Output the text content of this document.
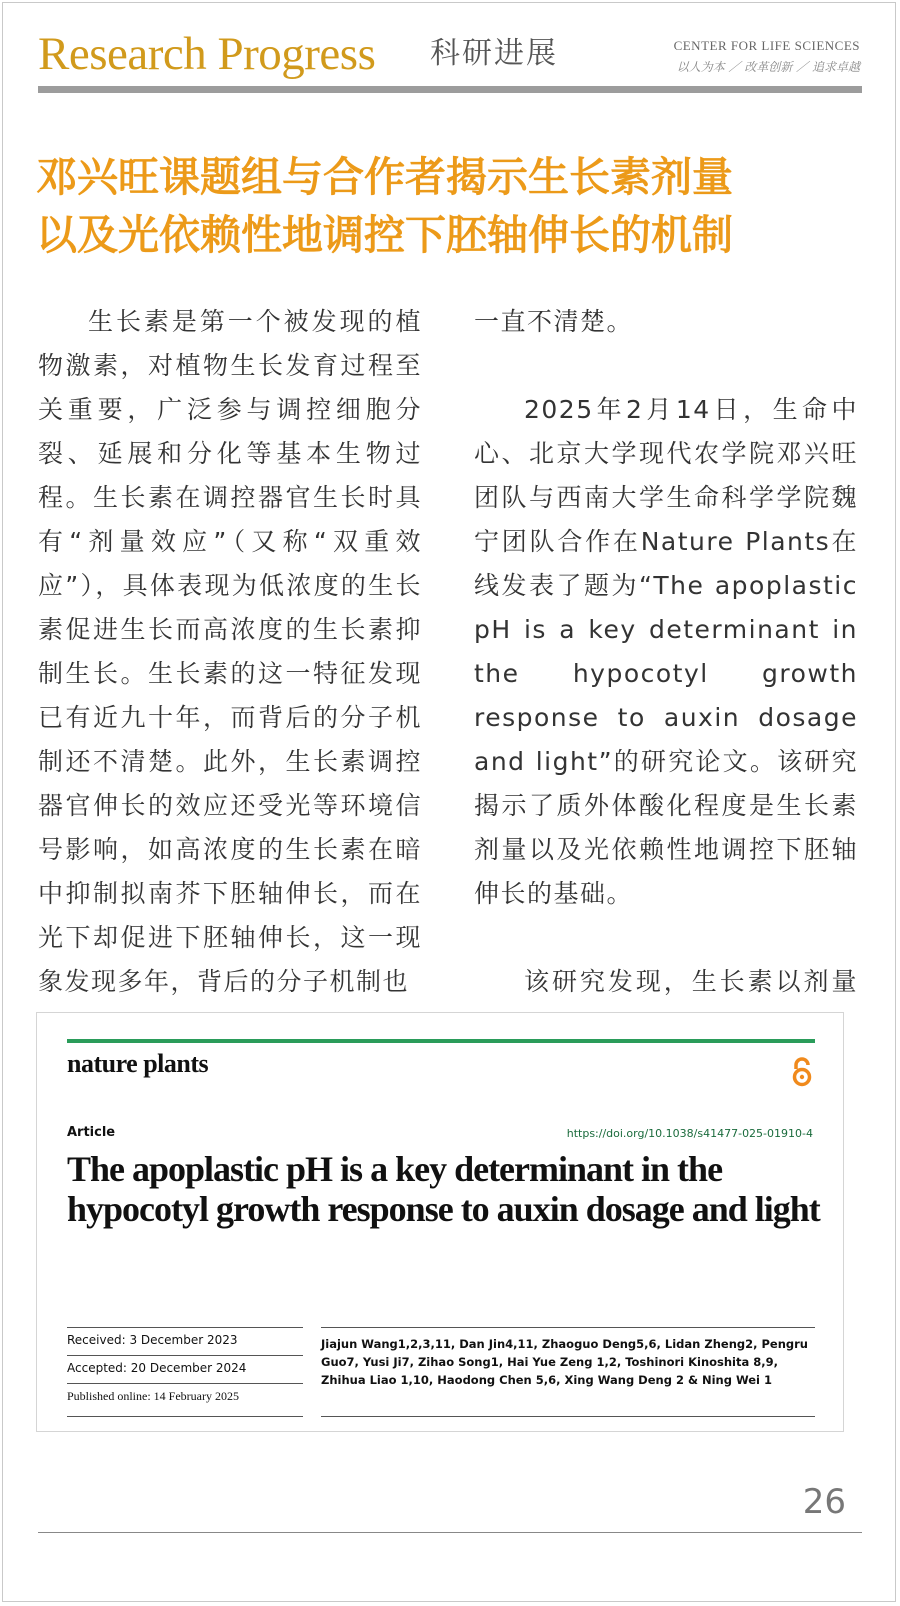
Research Progress 科研进展	CENTER FOR LIFE SCIENCES
以人为本 ／ 改革创新 ／ 追求卓越
邓兴旺课题组与合作者揭示生长素剂量
以及光依赖性地调控下胚轴伸长的机制

生长素是第一个被发现的植物激素，对植物生长发育过程至关重要，广泛参与调控细胞分裂、延展和分化等基本生物过程。生长素在调控器官生长时具有“剂量效应”（又称“双重效应”），具体表现为低浓度的生长素促进生长而高浓度的生长素抑制生长。生长素的这一特征发现已有近九十年，而背后的分子机制还不清楚。此外，生长素调控器官伸长的效应还受光等环境信号影响，如高浓度的生长素在暗中抑制拟南芥下胚轴伸长，而在光下却促进下胚轴伸长，这一现象发现多年，背后的分子机制也

一直不清楚。

2025年2月14日，生命中心、北京大学现代农学院邓兴旺团队与西南大学生命科学学院魏宁团队合作在Nature Plants在线发表了题为“The apoplastic pH is a key determinant in the hypocotyl growth response to auxin dosage and light”的研究论文。该研究揭示了质外体酸化程度是生长素剂量以及光依赖性地调控下胚轴伸长的基础。

该研究发现，生长素以剂量

nature plants
Article	https://doi.org/10.1038/s41477-025-01910-4
The apoplastic pH is a key determinant in the hypocotyl growth response to auxin dosage and light
Received: 3 December 2023
Accepted: 20 December 2024
Published online: 14 February 2025
Jiajun Wang1,2,3,11, Dan Jin4,11, Zhaoguo Deng5,6, Lidan Zheng2, Pengru Guo7, Yusi Ji7, Zihao Song1, Hai Yue Zeng 1,2, Toshinori Kinoshita 8,9, Zhihua Liao 1,10, Haodong Chen 5,6, Xing Wang Deng 2 & Ning Wei 1
26
